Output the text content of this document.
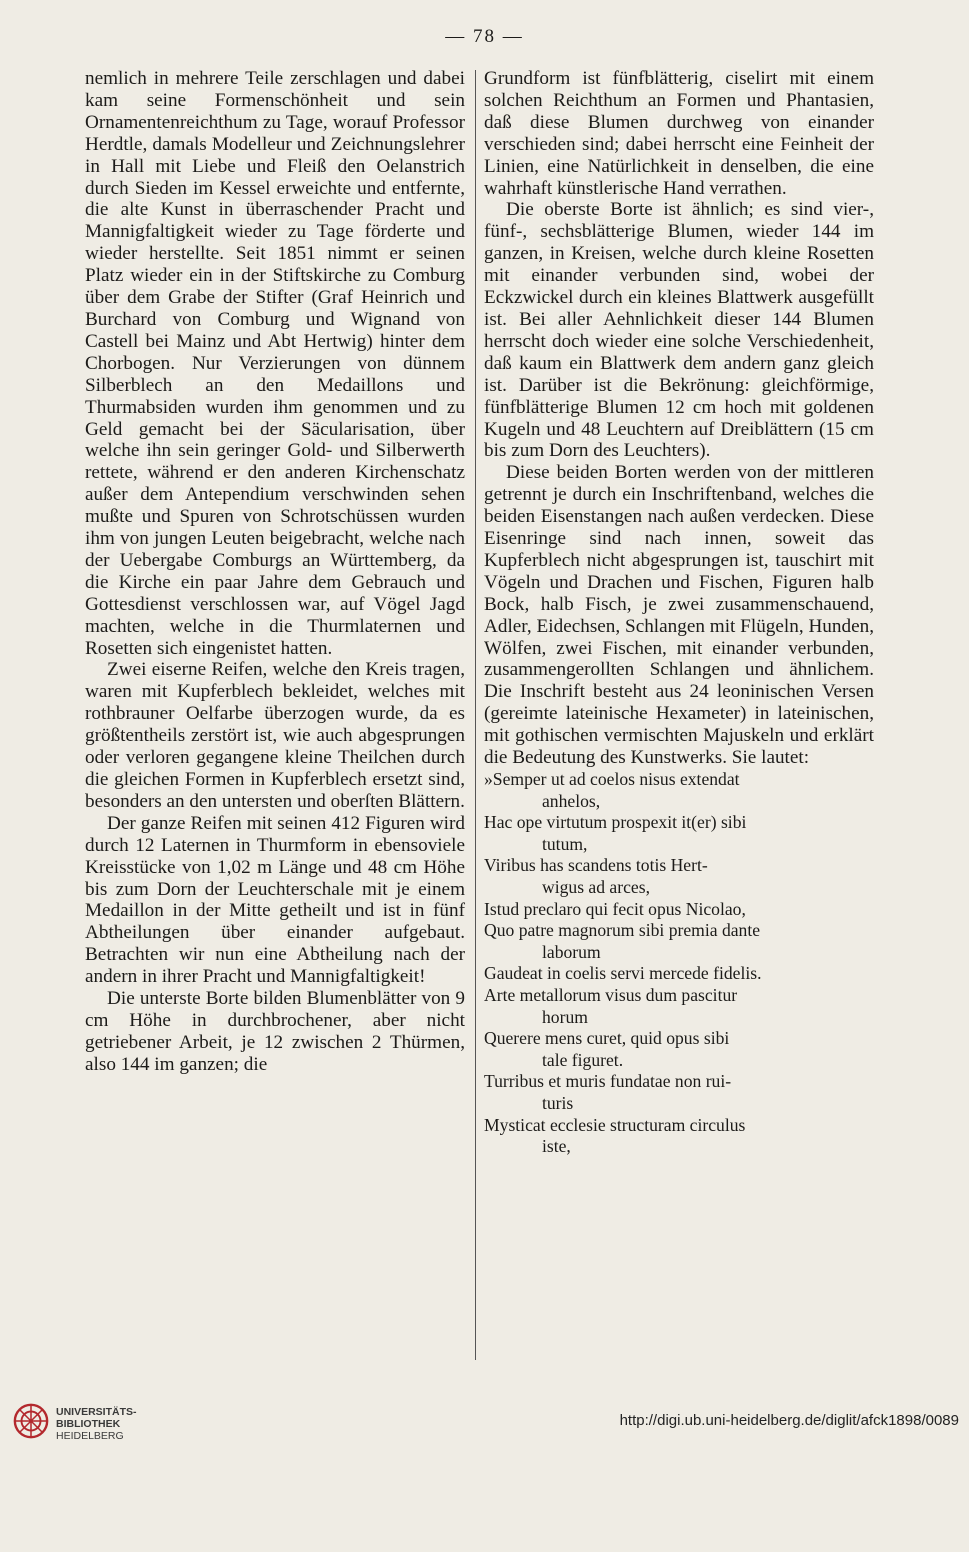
— 78 —

nemlich in mehrere Teile zerschlagen und dabei kam seine Formenschönheit und sein Ornamentenreichthum zu Tage, worauf Professor Herdtle, damals Modelleur und Zeichnungslehrer in Hall mit Liebe und Fleiß den Oelanstrich durch Sieden im Kessel erweichte und entfernte, die alte Kunst in überraschender Pracht und Mannigfaltigkeit wieder zu Tage förderte und wieder herstellte. Seit 1851 nimmt er seinen Platz wieder ein in der Stiftskirche zu Comburg über dem Grabe der Stifter (Graf Heinrich und Burchard von Comburg und Wignand von Castell bei Mainz und Abt Hertwig) hinter dem Chorbogen. Nur Verzierungen von dünnem Silberblech an den Medaillons und Thurmabsiden wurden ihm genommen und zu Geld gemacht bei der Säcularisation, über welche ihn sein geringer Gold- und Silberwerth rettete, während er den anderen Kirchenschatz außer dem Antependium verschwinden sehen mußte und Spuren von Schrotschüssen wurden ihm von jungen Leuten beigebracht, welche nach der Uebergabe Comburgs an Württemberg, da die Kirche ein paar Jahre dem Gebrauch und Gottesdienst verschlossen war, auf Vögel Jagd machten, welche in die Thurmlaternen und Rosetten sich eingenistet hatten.

Zwei eiserne Reifen, welche den Kreis tragen, waren mit Kupferblech bekleidet, welches mit rothbrauner Oelfarbe überzogen wurde, da es größtentheils zerstört ist, wie auch abgesprungen oder verloren gegangene kleine Theilchen durch die gleichen Formen in Kupferblech ersetzt sind, besonders an den untersten und oberſten Blättern.

Der ganze Reifen mit seinen 412 Figuren wird durch 12 Laternen in Thurmform in ebensoviele Kreisstücke von 1,02 m Länge und 48 cm Höhe bis zum Dorn der Leuchterschale mit je einem Medaillon in der Mitte getheilt und ist in fünf Abtheilungen über einander aufgebaut. Betrachten wir nun eine Abtheilung nach der andern in ihrer Pracht und Mannigfaltigkeit!

Die unterste Borte bilden Blumenblätter von 9 cm Höhe in durchbrochener, aber nicht getriebener Arbeit, je 12 zwischen 2 Thürmen, also 144 im ganzen; die

Grundform ist fünfblätterig, ciselirt mit einem solchen Reichthum an Formen und Phantasien, daß diese Blumen durchweg von einander verschieden sind; dabei herrscht eine Feinheit der Linien, eine Natürlichkeit in denselben, die eine wahrhaft künstlerische Hand verrathen.

Die oberste Borte ist ähnlich; es sind vier-, fünf-, sechsblätterige Blumen, wieder 144 im ganzen, in Kreisen, welche durch kleine Rosetten mit einander verbunden sind, wobei der Eckzwickel durch ein kleines Blattwerk ausgefüllt ist. Bei aller Aehnlichkeit dieser 144 Blumen herrscht doch wieder eine solche Verschiedenheit, daß kaum ein Blattwerk dem andern ganz gleich ist. Darüber ist die Bekrönung: gleichförmige, fünfblätterige Blumen 12 cm hoch mit goldenen Kugeln und 48 Leuchtern auf Dreiblättern (15 cm bis zum Dorn des Leuchters).

Diese beiden Borten werden von der mittleren getrennt je durch ein Inschriftenband, welches die beiden Eisenstangen nach außen verdecken. Diese Eisenringe sind nach innen, soweit das Kupferblech nicht abgesprungen ist, tauschirt mit Vögeln und Drachen und Fischen, Figuren halb Bock, halb Fisch, je zwei zusammenschauend, Adler, Eidechsen, Schlangen mit Flügeln, Hunden, Wölfen, zwei Fischen, mit einander verbunden, zusammengerollten Schlangen und ähnlichem. Die Inschrift besteht aus 24 leoninischen Versen (gereimte lateinische Hexameter) in lateinischen, mit gothischen vermischten Majuskeln und erklärt die Bedeutung des Kunstwerks. Sie lautet:

»Semper ut ad coelos nisus extendat
anhelos,
Hac ope virtutum prospexit it(er) sibi
tutum,
Viribus has scandens totis Hert-
wigus ad arces,
Istud preclaro qui fecit opus Nicolao,
Quo patre magnorum sibi premia dante
laborum
Gaudeat in coelis servi mercede fidelis.
Arte metallorum visus dum pascitur
horum
Querere mens curet, quid opus sibi
tale figuret.
Turribus et muris fundatae non rui-
turis
Mysticat ecclesie structuram circulus
iste,
UNIVERSITÄTS-
BIBLIOTHEK
HEIDELBERG
http://digi.ub.uni-heidelberg.de/diglit/afck1898/0089
